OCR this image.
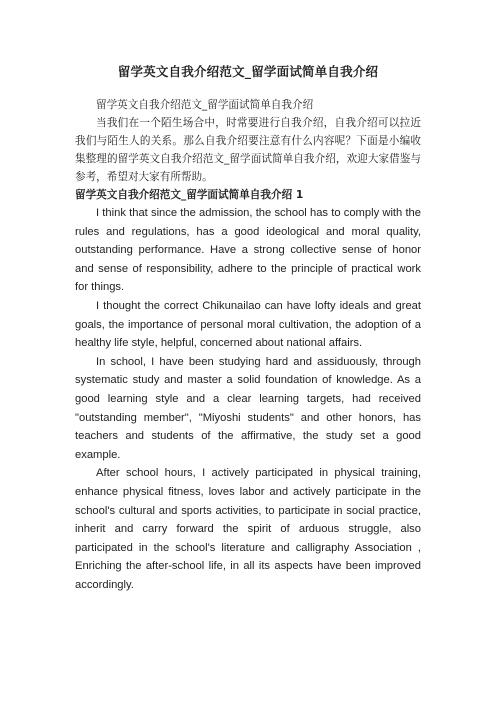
留学英文自我介绍范文_留学面试简单自我介绍

留学英文自我介绍范文_留学面试简单自我介绍

当我们在一个陌生场合中，时常要进行自我介绍，自我介绍可以拉近我们与陌生人的关系。那么自我介绍要注意有什么内容呢？下面是小编收集整理的留学英文自我介绍范文_留学面试简单自我介绍，欢迎大家借鉴与参考，希望对大家有所帮助。

留学英文自我介绍范文_留学面试简单自我介绍 1

I think that since the admission, the school has to comply with the rules and regulations, has a good ideological and moral quality, outstanding performance. Have a strong collective sense of honor and sense of responsibility, adhere to the principle of practical work for things.

I thought the correct Chikunailao can have lofty ideals and great goals, the importance of personal moral cultivation, the adoption of a healthy life style, helpful, concerned about national affairs.

In school, I have been studying hard and assiduously, through systematic study and master a solid foundation of knowledge. As a good learning style and a clear learning targets, had received "outstanding member", "Miyoshi students" and other honors, has teachers and students of the affirmative, the study set a good example.

After school hours, I actively participated in physical training, enhance physical fitness, loves labor and actively participate in the school's cultural and sports activities, to participate in social practice, inherit and carry forward the spirit of arduous struggle, also participated in the school's literature and calligraphy Association , Enriching the after-school life, in all its aspects have been improved accordingly.
